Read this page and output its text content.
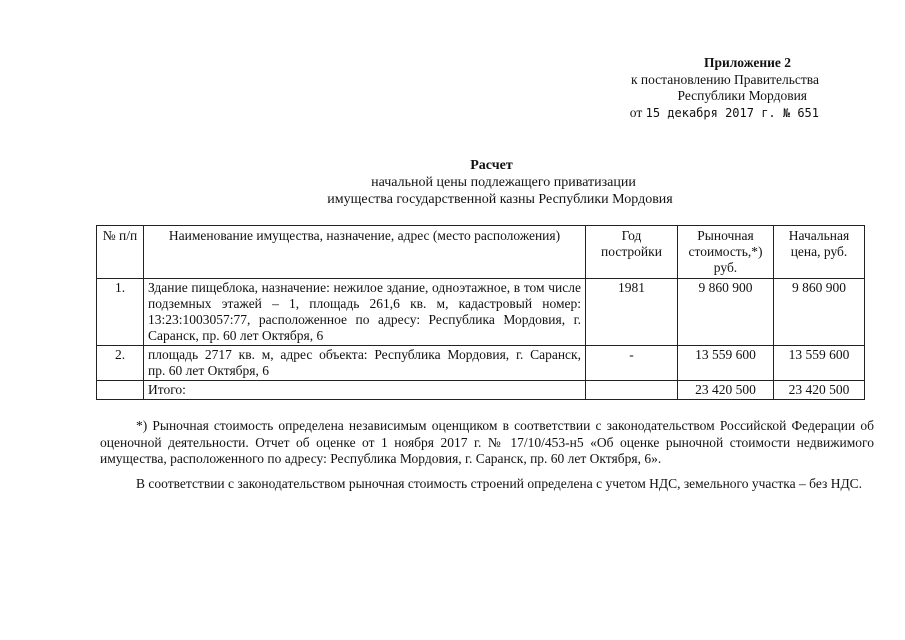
Приложение 2
к постановлению Правительства
Республики Мордовия
от 15 декабря 2017 г. № 651
Расчет
начальной цены подлежащего приватизации
имущества государственной казны Республики Мордовия
№ п/п	Наименование имущества, назначение, адрес (место расположения)	Год постройки	Рыночная стоимость,*) руб.	Начальная цена, руб.
1.	Здание пищеблока, назначение: нежилое здание, одноэтажное, в том числе подземных этажей – 1, площадь 261,6 кв. м, кадастровый номер: 13:23:1003057:77, расположенное по адресу: Республика Мордовия, г. Саранск, пр. 60 лет Октября, 6	1981	9 860 900	9 860 900
2.	площадь 2717 кв. м, адрес объекта: Республика Мордовия, г. Саранск,      пр. 60 лет Октября, 6	-	13 559 600	13 559 600
	Итого:		23 420 500	23 420 500

*) Рыночная стоимость определена независимым оценщиком в соответствии с законодательством Российской Федерации об оценочной деятельности. Отчет об оценке от 1 ноября 2017 г. № 17/10/453-н5 «Об оценке рыночной стоимости недвижимого имущества, расположенного по адресу: Республика Мордовия, г. Саранск, пр. 60 лет Октября, 6».

В соответствии с законодательством рыночная стоимость строений определена с учетом НДС, земельного участка – без НДС.
